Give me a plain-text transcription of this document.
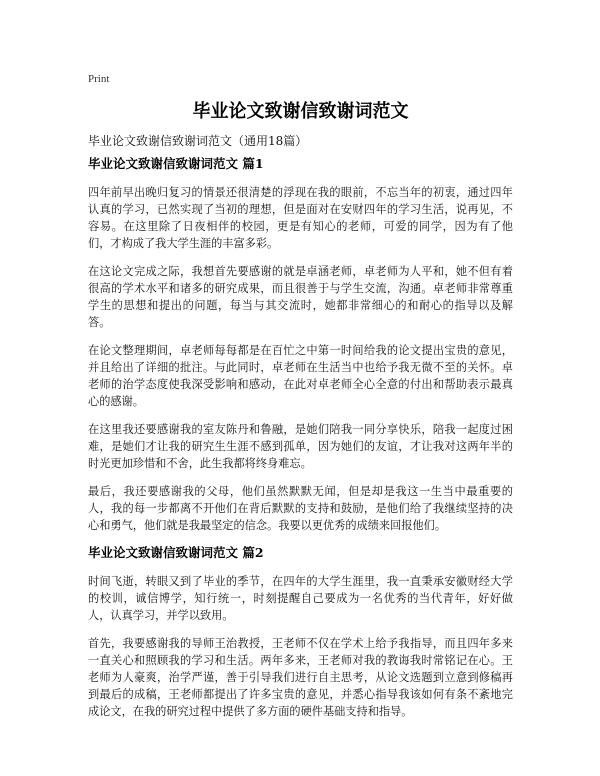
Print
毕业论文致谢信致谢词范文
毕业论文致谢信致谢词范文（通用18篇）
毕业论文致谢信致谢词范文 篇1

四年前早出晚归复习的情景还很清楚的浮现在我的眼前，不忘当年的初衷，通过四年认真的学习，已然实现了当初的理想，但是面对在安财四年的学习生活，说再见，不容易。在这里除了日夜相伴的校园，更是有知心的老师，可爱的同学，因为有了他们，才构成了我大学生涯的丰富多彩。

在这论文完成之际，我想首先要感谢的就是卓涵老师，卓老师为人平和，她不但有着很高的学术水平和诸多的研究成果，而且很善于与学生交流，沟通。卓老师非常尊重学生的思想和提出的问题，每当与其交流时，她都非常细心的和耐心的指导以及解答。

在论文整理期间，卓老师每每都是在百忙之中第一时间给我的论文提出宝贵的意见，并且给出了详细的批注。与此同时，卓老师在生活当中也给予我无微不至的关怀。卓老师的治学态度使我深受影响和感动，在此对卓老师全心全意的付出和帮助表示最真心的感谢。

在这里我还要感谢我的室友陈丹和鲁融，是她们陪我一同分享快乐，陪我一起度过困难，是她们才让我的研究生生涯不感到孤单，因为她们的友谊，才让我对这两年半的时光更加珍惜和不舍，此生我都将终身难忘。

最后，我还要感谢我的父母，他们虽然默默无闻，但是却是我这一生当中最重要的人，我的每一步都离不开他们在背后默默的支持和鼓励，是他们给了我继续坚持的决心和勇气，他们就是我最坚定的信念。我要以更优秀的成绩来回报他们。

毕业论文致谢信致谢词范文 篇2

时间飞逝，转眼又到了毕业的季节，在四年的大学生涯里，我一直秉承安徽财经大学的校训，诚信博学，知行统一，时刻提醒自己要成为一名优秀的当代青年，好好做人，认真学习，并学以致用。

首先，我要感谢我的导师王治教授，王老师不仅在学术上给予我指导，而且四年多来一直关心和照顾我的学习和生活。两年多来，王老师对我的教诲我时常铭记在心。王老师为人豪爽，治学严谨，善于引导我们进行自主思考，从论文选题到立意到修稿再到最后的成稿，王老师都提出了许多宝贵的意见，并悉心指导我该如何有条不紊地完成论文，在我的研究过程中提供了多方面的硬件基础支持和指导。
